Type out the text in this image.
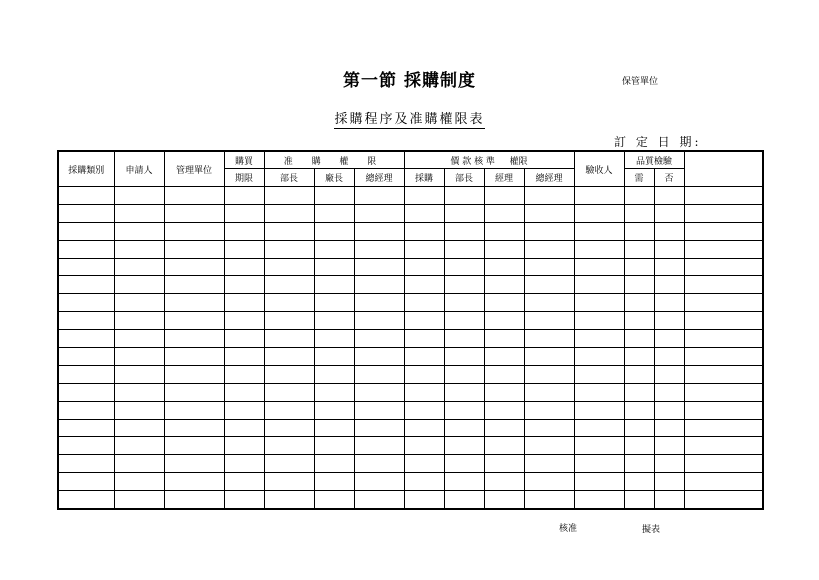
第一節 採購制度	保管單位
採購程序及准購權限表
訂 定 日 期:
採購類別	申請人	管理單位	購買	准 購 權 限			價 款 核 準 　 權限				驗收人	品質檢驗		
			期限	部長	廠長	總經理	採購	部長	經理	總經理		需	否	

核准	擬表
